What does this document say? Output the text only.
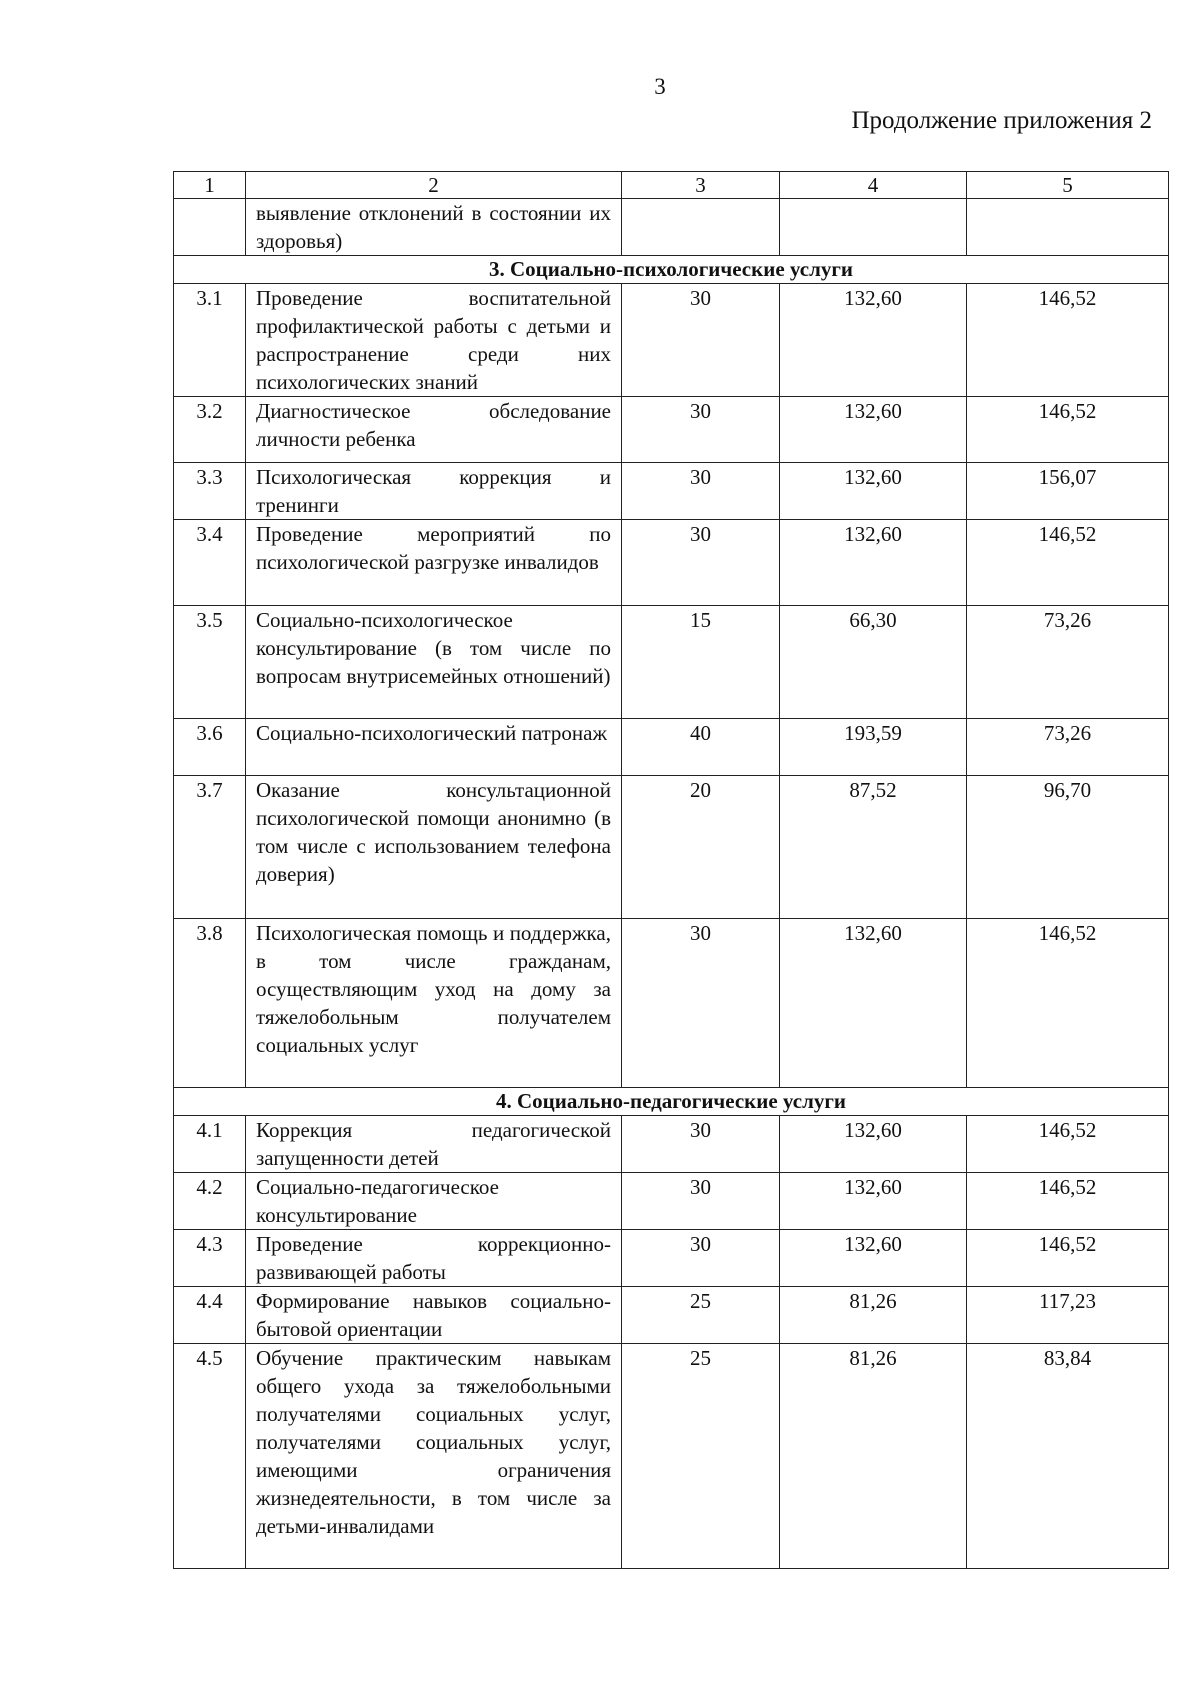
3
Продолжение приложения 2
1	2	3	4	5
	выявление отклонений в состоянии их здоровья)			
3. Социально-психологические услуги				
3.1	Проведение воспитательной профилактической работы с детьми и распространение среди них психологических знаний	30	132,60	146,52
3.2	Диагностическое обследование личности ребенка	30	132,60	146,52
3.3	Психологическая коррекция и тренинги	30	132,60	156,07
3.4	Проведение мероприятий по психологической разгрузке инвалидов	30	132,60	146,52
3.5	Социально-психологическое консультирование (в том числе по вопросам внутрисемейных отношений)	15	66,30	73,26
3.6	Социально-психологический патронаж	40	193,59	73,26
3.7	Оказание консультационной психологической помощи анонимно (в том числе с использованием телефона доверия)	20	87,52	96,70
3.8	Психологическая помощь и поддержка, в том числе гражданам, осуществляющим уход на дому за тяжелобольным получателем социальных услуг	30	132,60	146,52
4. Социально-педагогические услуги				
4.1	Коррекция педагогической запущенности детей	30	132,60	146,52
4.2	Социально-педагогическое консультирование	30	132,60	146,52
4.3	Проведение коррекционно-развивающей работы	30	132,60	146,52
4.4	Формирование навыков социально-бытовой ориентации	25	81,26	117,23
4.5	Обучение практическим навыкам общего ухода за тяжелобольными получателями социальных услуг, получателями социальных услуг, имеющими ограничения жизнедеятельности, в том числе за детьми-инвалидами	25	81,26	83,84
